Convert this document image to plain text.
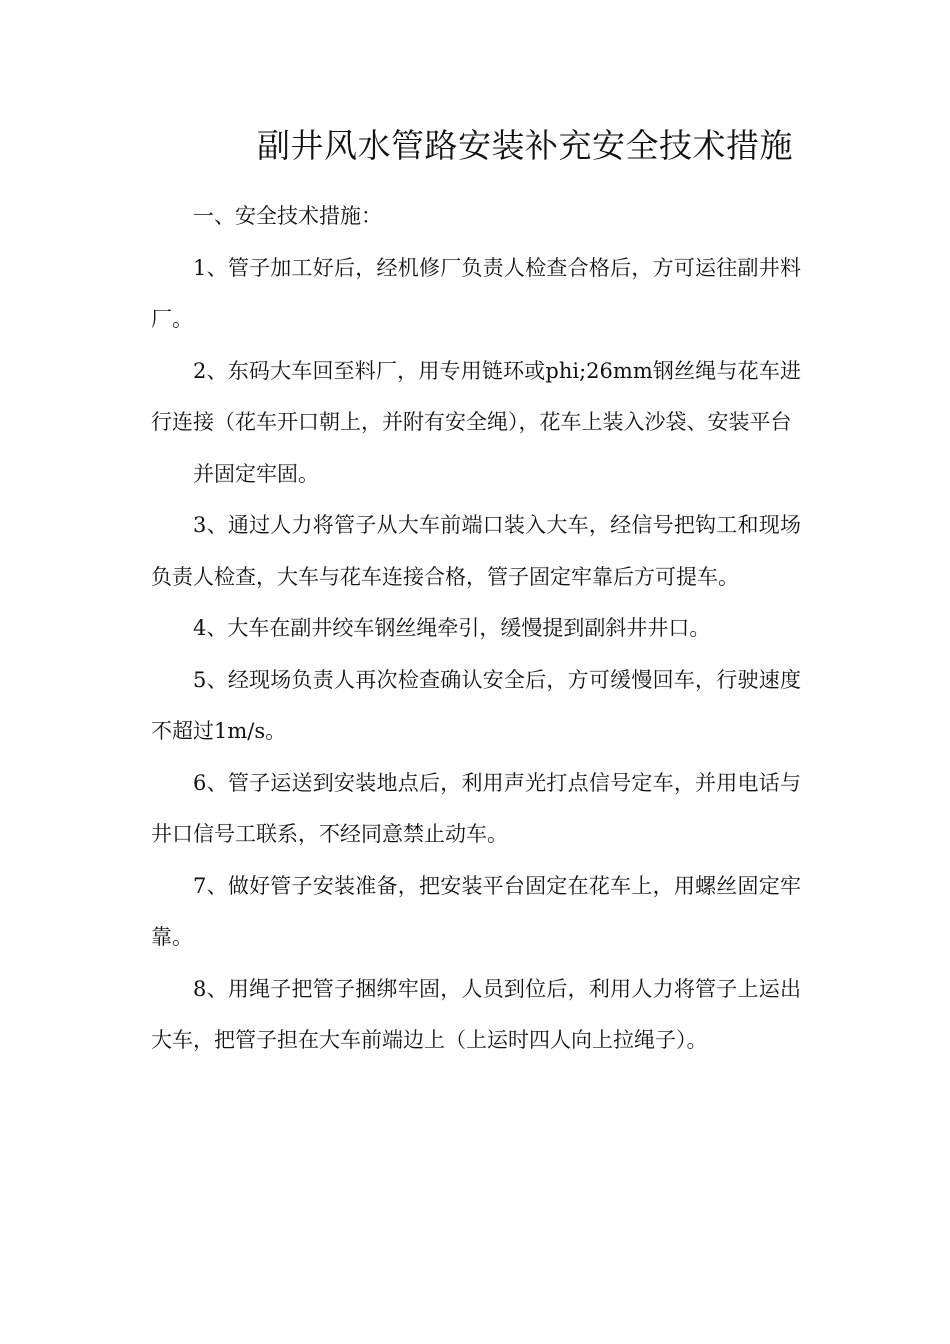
副井风水管路安装补充安全技术措施

一、安全技术措施：

1、管子加工好后，经机修厂负责人检查合格后，方可运往副井料厂。

2、东码大车回至料厂，用专用链环或phi;26mm钢丝绳与花车进行连接（花车开口朝上，并附有安全绳），花车上装入沙袋、安装平台

并固定牢固。

3、通过人力将管子从大车前端口装入大车，经信号把钩工和现场负责人检查，大车与花车连接合格，管子固定牢靠后方可提车。

4、大车在副井绞车钢丝绳牵引，缓慢提到副斜井井口。

5、经现场负责人再次检查确认安全后，方可缓慢回车，行驶速度不超过1m/s。

6、管子运送到安装地点后，利用声光打点信号定车，并用电话与井口信号工联系，不经同意禁止动车。

7、做好管子安装准备，把安装平台固定在花车上，用螺丝固定牢靠。

8、用绳子把管子捆绑牢固，人员到位后，利用人力将管子上运出大车，把管子担在大车前端边上（上运时四人向上拉绳子）。
